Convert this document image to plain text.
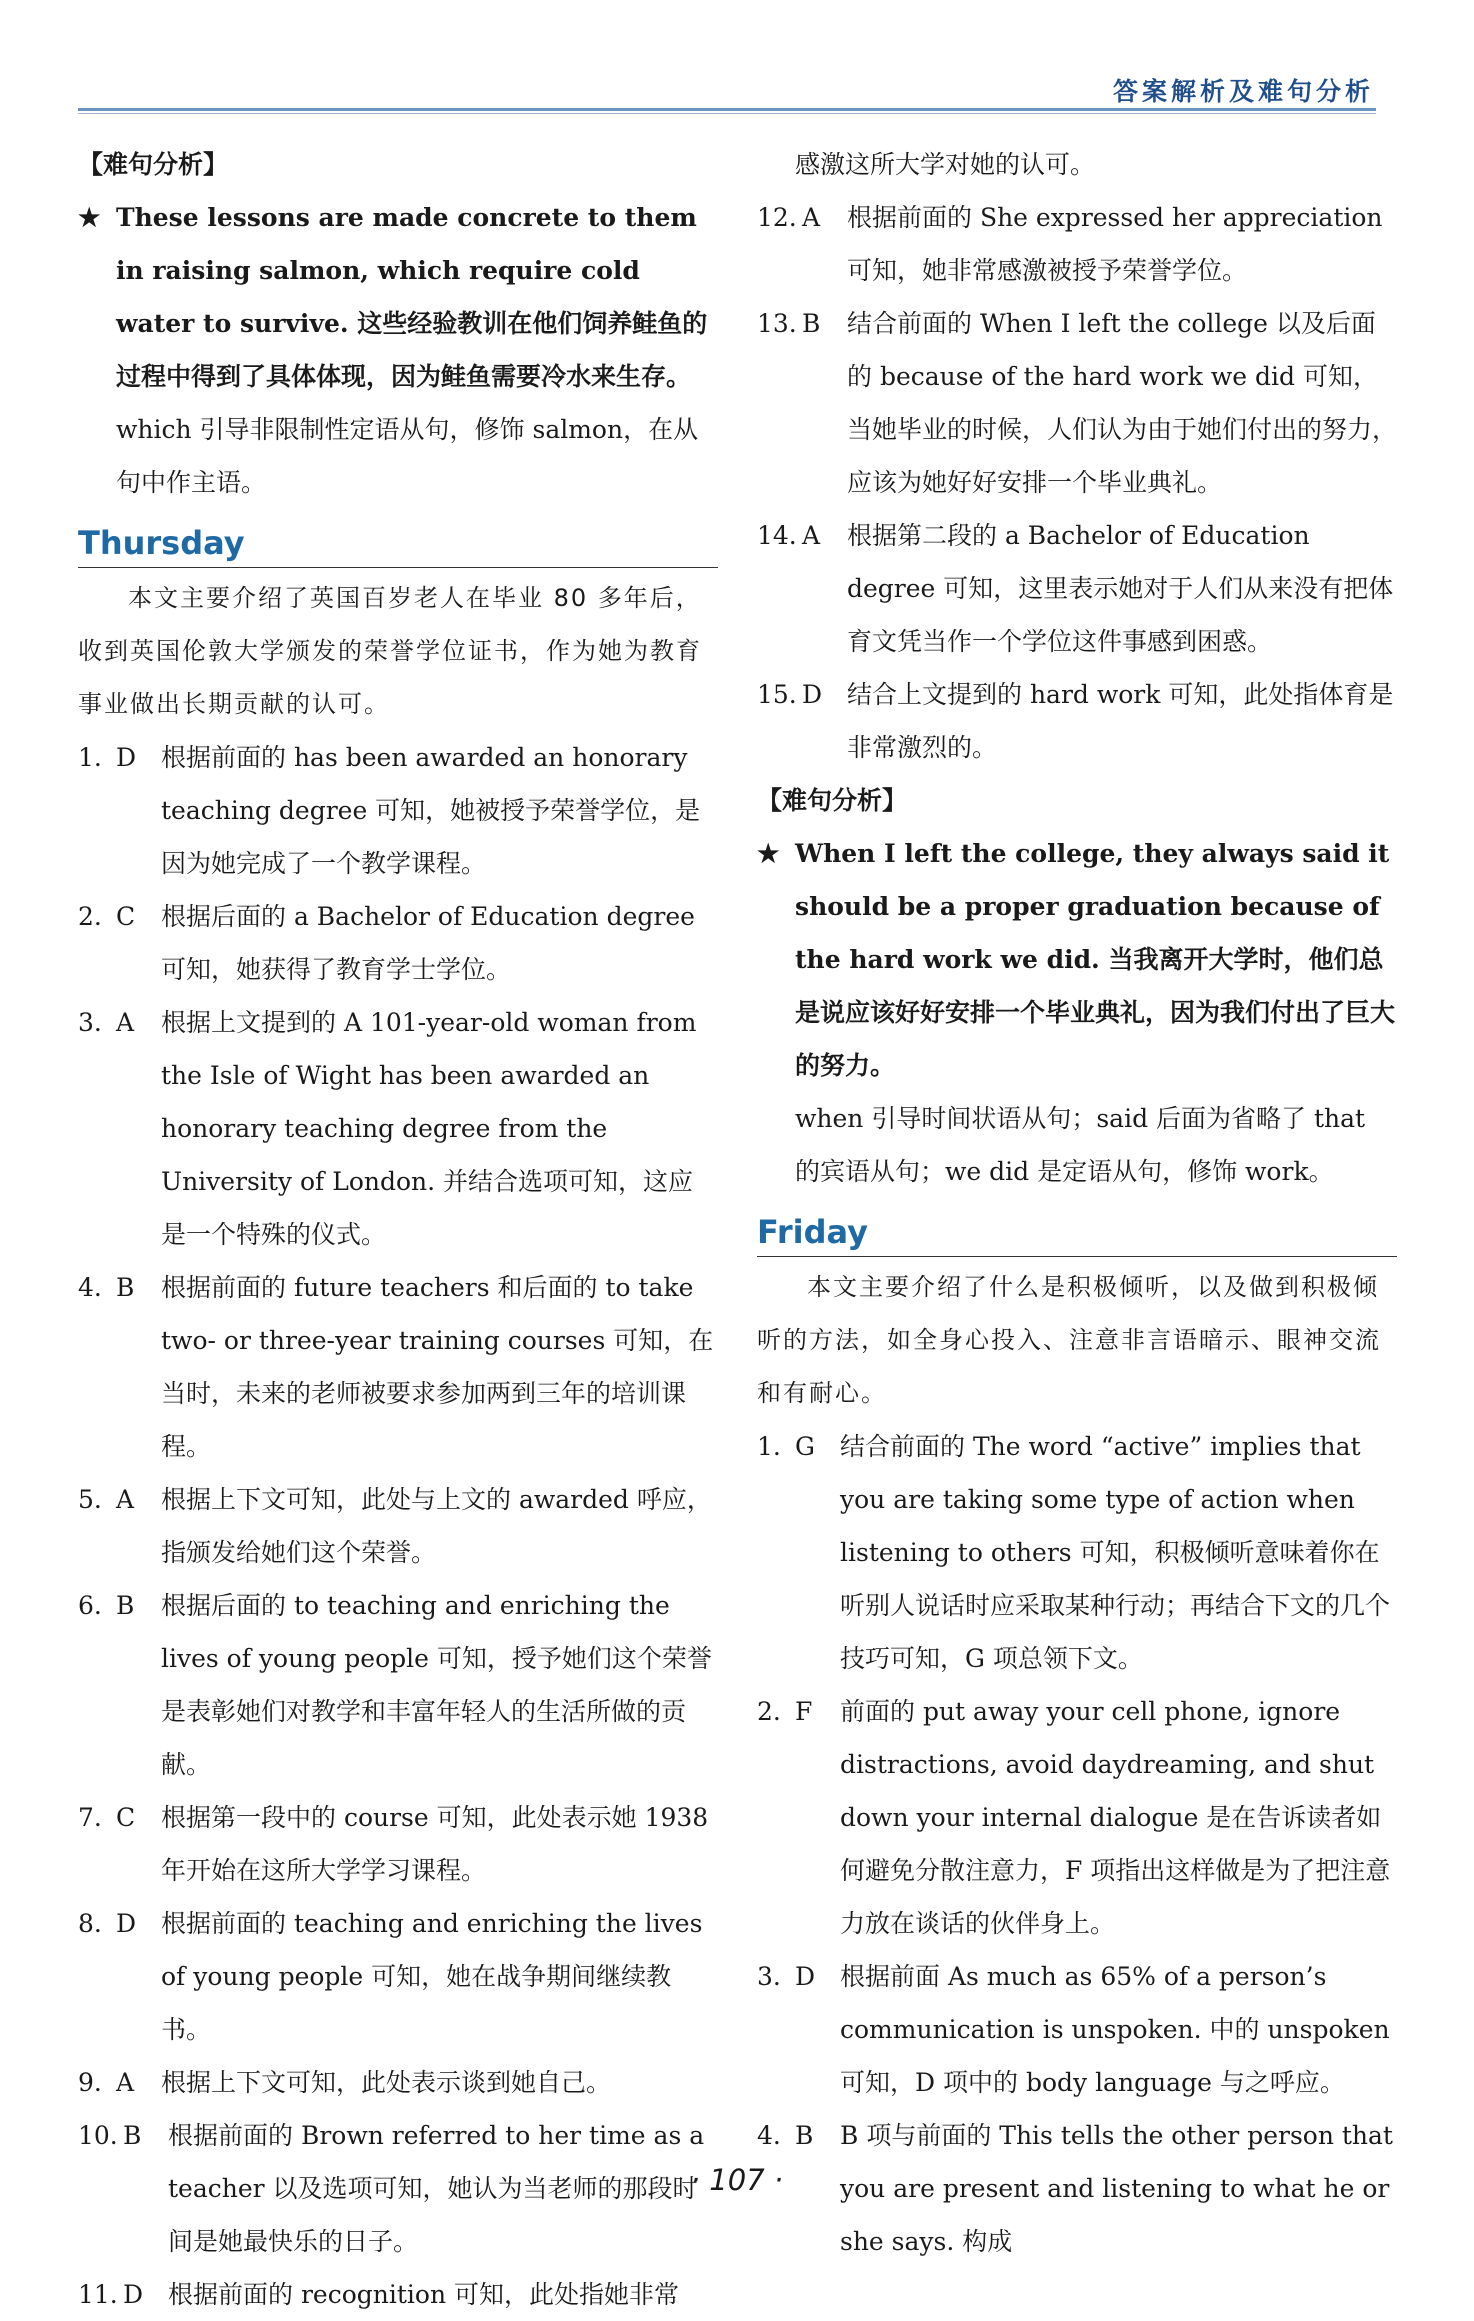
答案解析及难句分析
【难句分析】
★ These lessons are made concrete to them in raising salmon, which require cold water to survive. 这些经验教训在他们饲养鲑鱼的过程中得到了具体体现，因为鲑鱼需要冷水来生存。
which 引导非限制性定语从句，修饰 salmon，在从句中作主语。
Thursday
本文主要介绍了英国百岁老人在毕业 80 多年后，收到英国伦敦大学颁发的荣誉学位证书，作为她为教育事业做出长期贡献的认可。
1. D 根据前面的 has been awarded an honorary teaching degree 可知，她被授予荣誉学位，是因为她完成了一个教学课程。
2. C	根据后面的 a Bachelor of Education degree 可知，她获得了教育学士学位。
3. A	根据上文提到的 A 101-year-old woman from the Isle of Wight has been awarded an honorary teaching degree from the University of London. 并结合选项可知，这应是一个特殊的仪式。
4. B	根据前面的 future teachers 和后面的 to take two- or three-year training courses 可知，在当时，未来的老师被要求参加两到三年的培训课程。
5. A	根据上下文可知，此处与上文的 awarded 呼应，指颁发给她们这个荣誉。
6. B	根据后面的 to teaching and enriching the lives of young people 可知，授予她们这个荣誉是表彰她们对教学和丰富年轻人的生活所做的贡献。
7. C	根据第一段中的 course 可知，此处表示她 1938 年开始在这所大学学习课程。
8. D 根据前面的 teaching and enriching the lives of young people 可知，她在战争期间继续教书。
9. A	根据上下文可知，此处表示谈到她自己。
10. B	根据前面的 Brown referred to her time as a teacher 以及选项可知，她认为当老师的那段时间是她最快乐的日子。
11. D 根据前面的 recognition 可知，此处指她非常
感激这所大学对她的认可。
12. A	根据前面的 She expressed her appreciation 可知，她非常感激被授予荣誉学位。
13. B	结合前面的 When I left the college 以及后面的 because of the hard work we did 可知，当她毕业的时候，人们认为由于她们付出的努力，应该为她好好安排一个毕业典礼。
14. A	根据第二段的 a Bachelor of Education degree 可知，这里表示她对于人们从来没有把体育文凭当作一个学位这件事感到困惑。
15. D 结合上文提到的 hard work 可知，此处指体育是非常激烈的。
【难句分析】
★ When I left the college, they always said it should be a proper graduation because of the hard work we did. 当我离开大学时，他们总是说应该好好安排一个毕业典礼，因为我们付出了巨大的努力。
when 引导时间状语从句；said 后面为省略了 that 的宾语从句；we did 是定语从句，修饰 work。
Friday
本文主要介绍了什么是积极倾听，以及做到积极倾听的方法，如全身心投入、注意非言语暗示、眼神交流和有耐心。
1. G	结合前面的 The word “active” implies that you are taking some type of action when listening to others 可知，积极倾听意味着你在听别人说话时应采取某种行动；再结合下文的几个技巧可知，G 项总领下文。
2. F	前面的 put away your cell phone, ignore distractions, avoid daydreaming, and shut down your internal dialogue 是在告诉读者如何避免分散注意力，F 项指出这样做是为了把注意力放在谈话的伙伴身上。
3. D 根据前面 As much as 65% of a person’s communication is unspoken. 中的 unspoken 可知，D 项中的 body language 与之呼应。
4. B	B 项与前面的 This tells the other person that you are present and listening to what he or she says. 构成
· 107 ·
